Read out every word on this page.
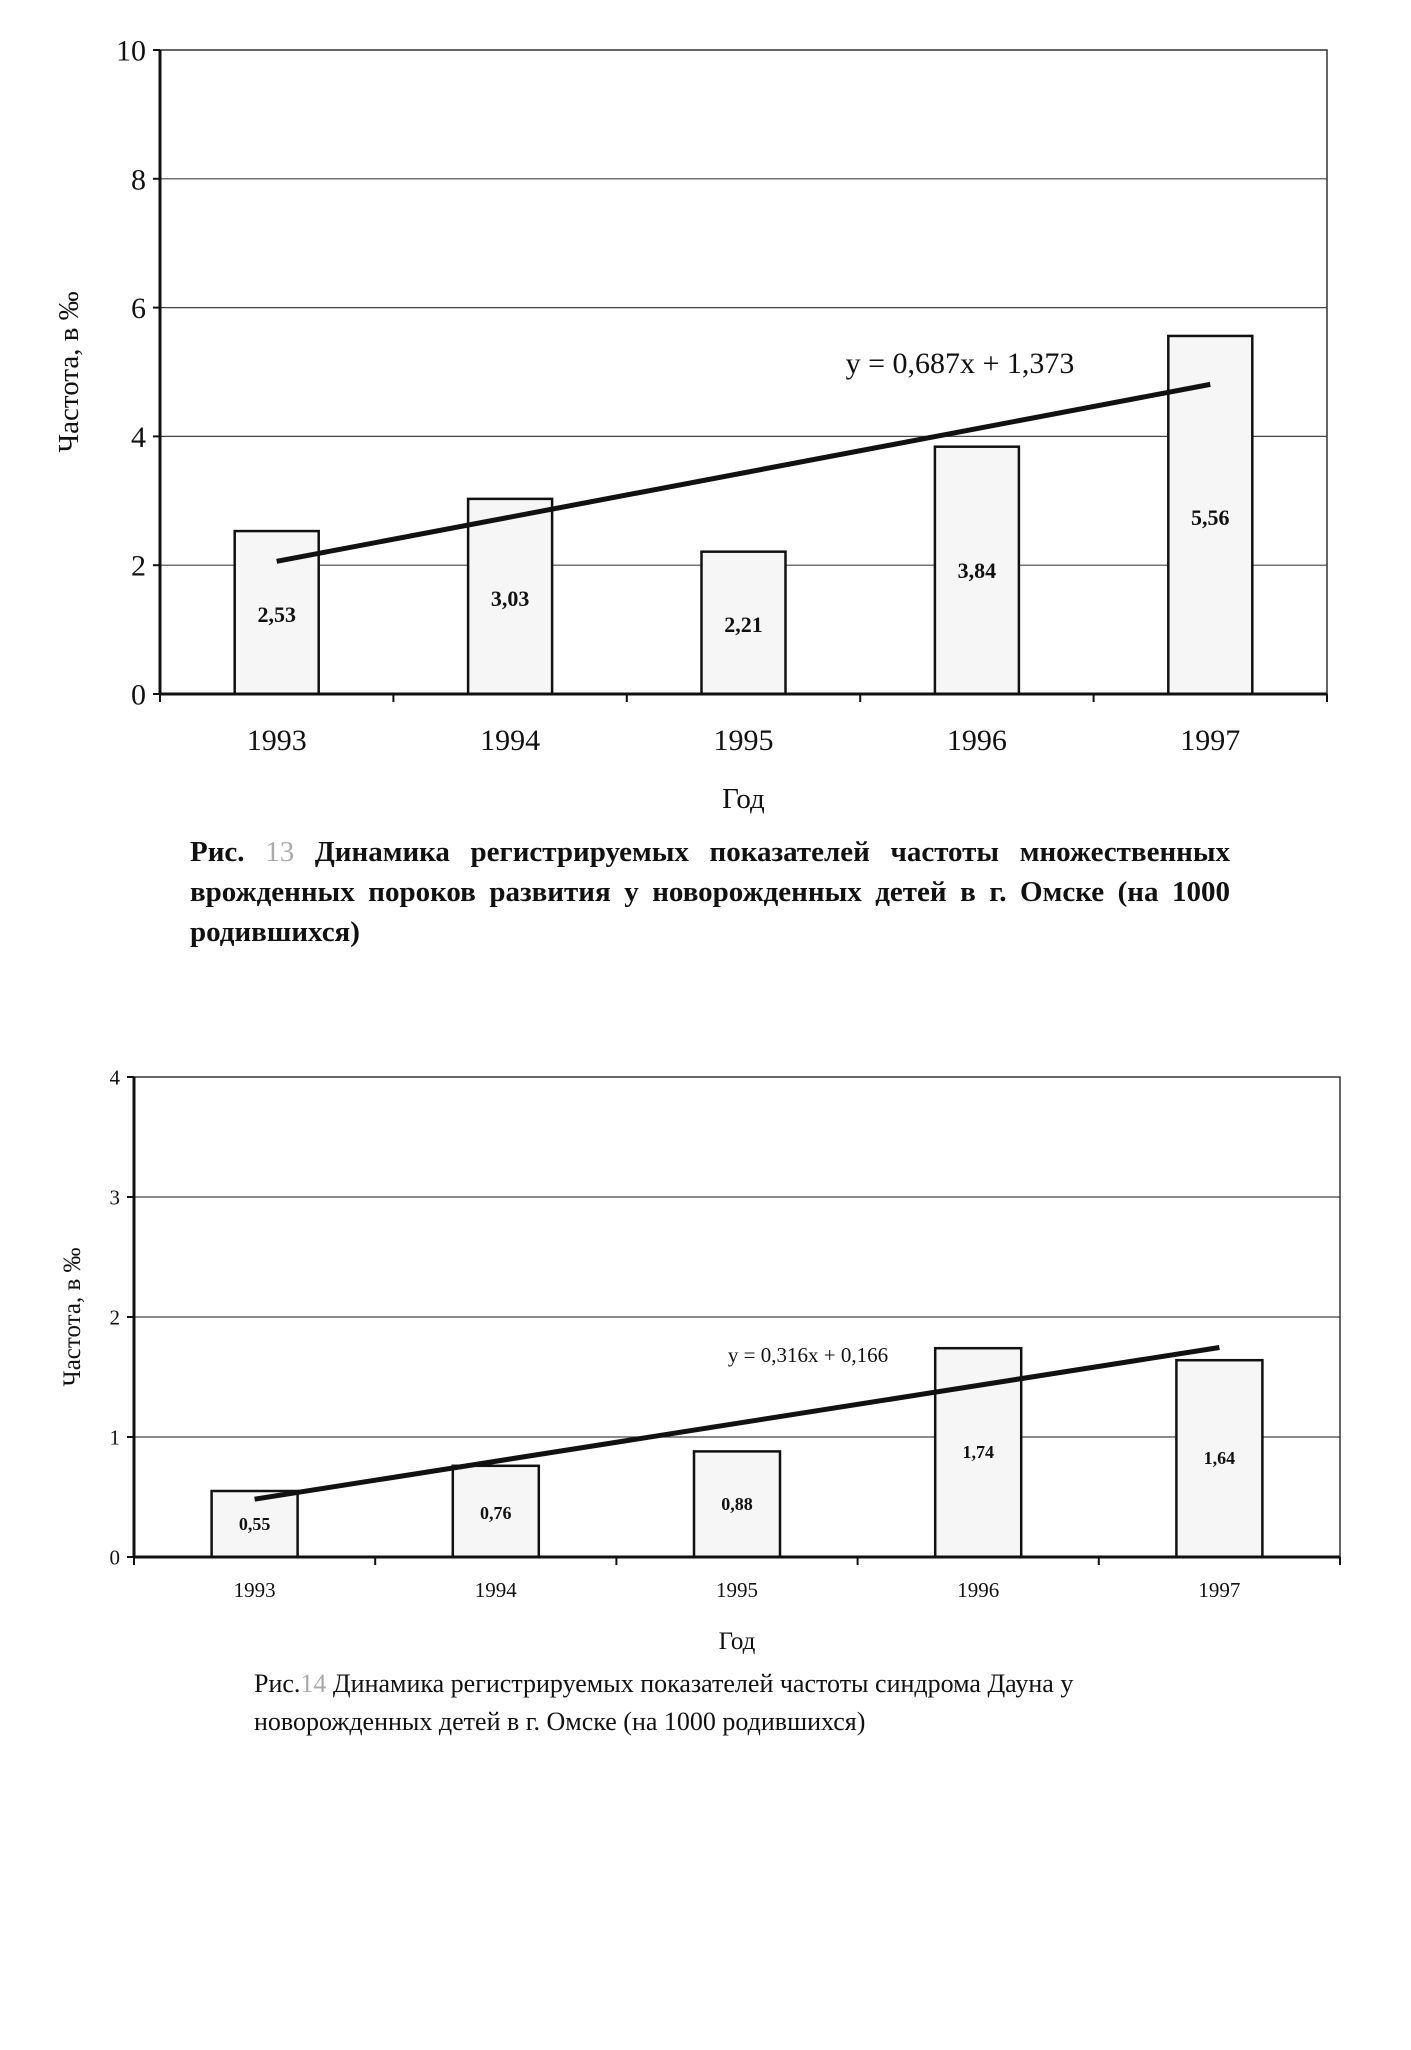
0
2
4
6
8
10
2,53
3,03
2,21
3,84
5,56
1993	1994	1995	1996	1997
y = 0,687x + 1,373
Частота, в ‰
Год
Рис. 13 Динамика регистрируемых показателей частоты множественных врожденных пороков развития у новорожденных детей в г. Омске (на 1000 родившихся)
0
1
2
3
4
0,55
0,76	0,88
1,74	1,64
1993	1994	1995	1996	1997
y = 0,316x + 0,166
Частота, в ‰
Год
Рис.14 Динамика регистрируемых показателей частоты синдрома Дауна у новорожденных детей в г. Омске (на 1000 родившихся)
